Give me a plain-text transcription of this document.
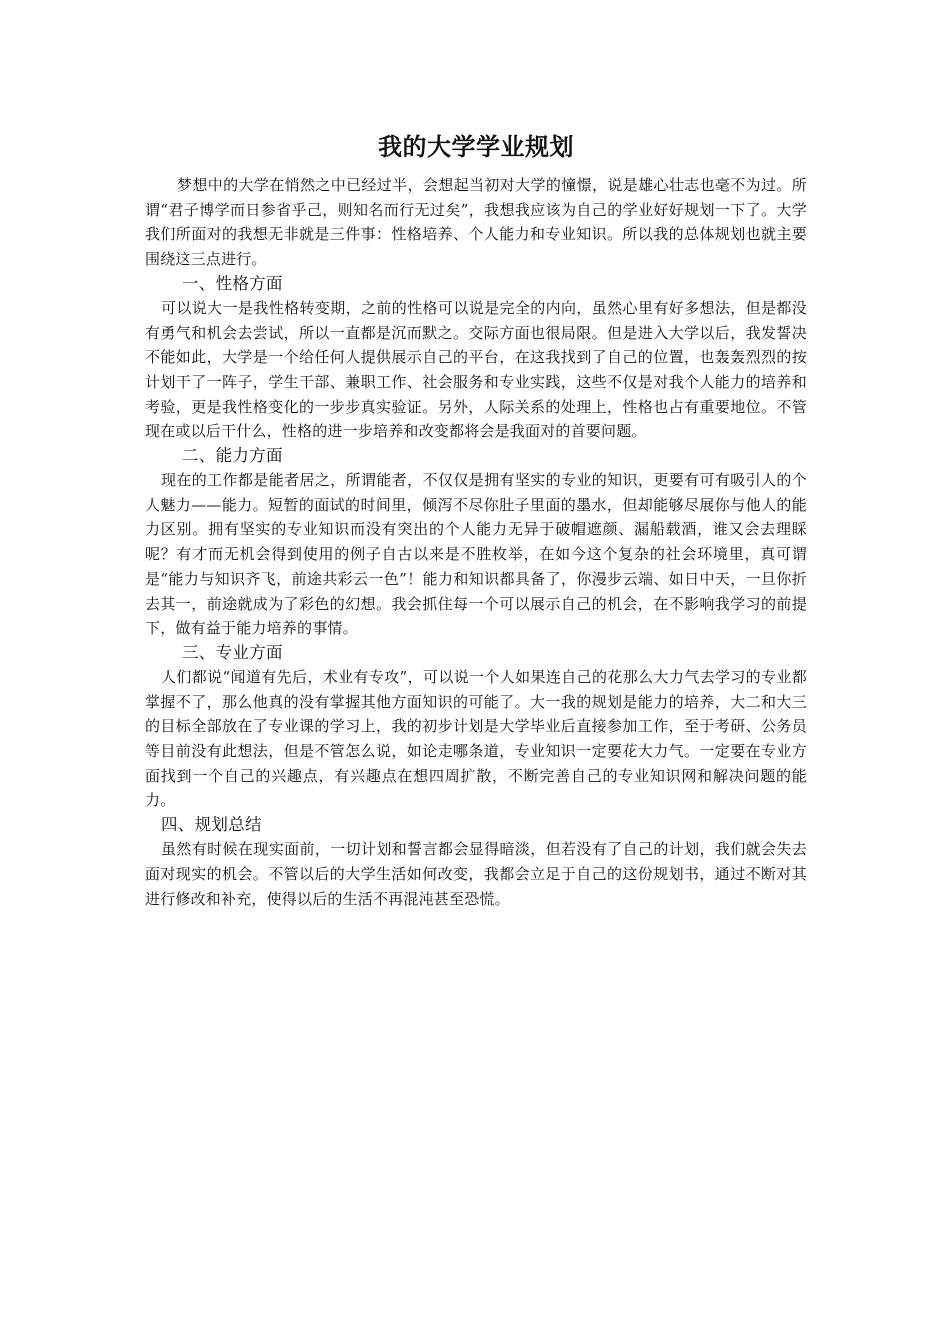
我的大学学业规划

梦想中的大学在悄然之中已经过半，会想起当初对大学的憧憬，说是雄心壮志也毫不为过。所谓“君子博学而日参省乎己，则知名而行无过矣”，我想我应该为自己的学业好好规划一下了。大学我们所面对的我想无非就是三件事：性格培养、个人能力和专业知识。所以我的总体规划也就主要围绕这三点进行。

一、性格方面

可以说大一是我性格转变期，之前的性格可以说是完全的内向，虽然心里有好多想法，但是都没有勇气和机会去尝试，所以一直都是沉而默之。交际方面也很局限。但是进入大学以后，我发誓决不能如此，大学是一个给任何人提供展示自己的平台，在这我找到了自己的位置，也轰轰烈烈的按计划干了一阵子，学生干部、兼职工作、社会服务和专业实践，这些不仅是对我个人能力的培养和考验，更是我性格变化的一步步真实验证。另外，人际关系的处理上，性格也占有重要地位。不管现在或以后干什么，性格的进一步培养和改变都将会是我面对的首要问题。

二、能力方面

现在的工作都是能者居之，所谓能者，不仅仅是拥有坚实的专业的知识，更要有可有吸引人的个人魅力——能力。短暂的面试的时间里，倾泻不尽你肚子里面的墨水，但却能够尽展你与他人的能力区别。拥有坚实的专业知识而没有突出的个人能力无异于破帽遮颜、漏船载酒，谁又会去理睬呢？有才而无机会得到使用的例子自古以来是不胜枚举，在如今这个复杂的社会环境里，真可谓是“能力与知识齐飞，前途共彩云一色”！能力和知识都具备了，你漫步云端、如日中天，一旦你折去其一，前途就成为了彩色的幻想。我会抓住每一个可以展示自己的机会，在不影响我学习的前提下，做有益于能力培养的事情。

三、专业方面

人们都说“闻道有先后，术业有专攻”，可以说一个人如果连自己的花那么大力气去学习的专业都掌握不了，那么他真的没有掌握其他方面知识的可能了。大一我的规划是能力的培养，大二和大三的目标全部放在了专业课的学习上，我的初步计划是大学毕业后直接参加工作，至于考研、公务员等目前没有此想法，但是不管怎么说，如论走哪条道，专业知识一定要花大力气。一定要在专业方面找到一个自己的兴趣点，有兴趣点在想四周扩散，不断完善自己的专业知识网和解决问题的能力。

四、规划总结

虽然有时候在现实面前，一切计划和誓言都会显得暗淡，但若没有了自己的计划，我们就会失去面对现实的机会。不管以后的大学生活如何改变，我都会立足于自己的这份规划书，通过不断对其进行修改和补充，使得以后的生活不再混沌甚至恐慌。
